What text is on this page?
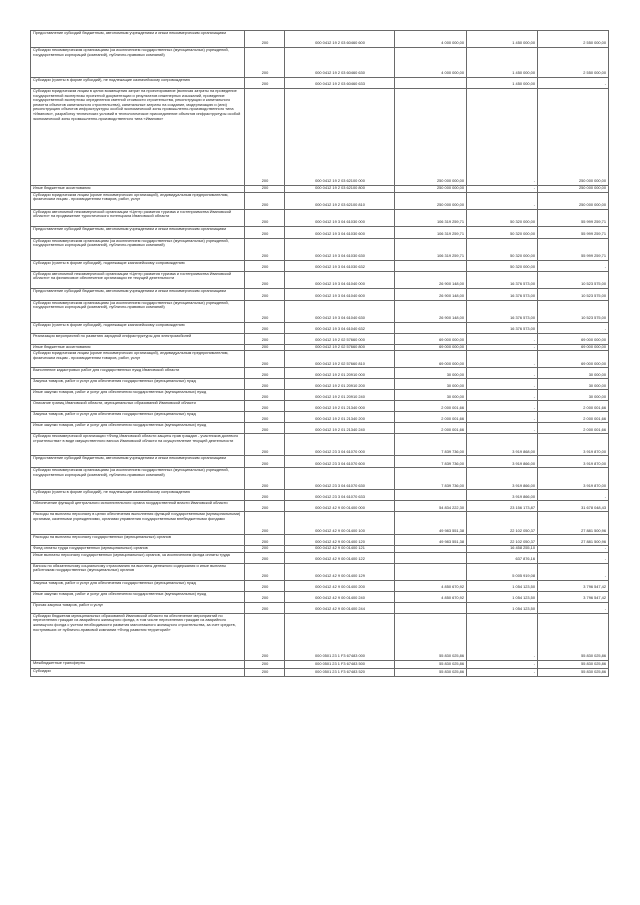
Предоставление субсидий бюджетным, автономным учреждениям и иным некоммерческим организациям	200	000 0412 19 2 03 60460 600	4 000 000,00	1 450 000,00	2 550 000,00
Субсидии некоммерческим организациям (за исключением государственных (муниципальных) учреждений, государственных корпораций (компаний), публично-правовых компаний)	200	000 0412 19 2 03 60460 630	4 000 000,00	1 450 000,00	2 550 000,00
Субсидии (гранты в форме субсидий), не подлежащие казначейскому сопровождению	200	000 0412 19 2 03 60460 633		1 450 000,00	-
Субсидии юридическим лицам в целях возмещения затрат на проектирование (включая затраты на проведение государственной экспертизы проектной документации и результатов инженерных изысканий, проведение государственной экспертизы определения сметной стоимости строительства, реконструкции и капитального ремонта объектов капитального строительства), капитальные затраты на создание, модернизацию и (или) реконструкцию объектов инфраструктуры особой экономической зоны промышленно-производственного типа «Иваново», разработку технических условий в технологическое присоединение объектов инфраструктуры особой экономической зоны промышленно-производственного типа «Иваново»	200	000 0412 19 2 03 62100 000	250 000 000,00	-	250 000 000,00
Иные бюджетные ассигнования	200	000 0412 19 2 03 62100 800	250 000 000,00	-	250 000 000,00
Субсидии юридическим лицам (кроме некоммерческих организаций), индивидуальным предпринимателям, физическим лицам - производителям товаров, работ, услуг	200	000 0412 19 2 03 62100 810	250 000 000,00	-	250 000 000,00
Субсидия автономной некоммерческой организации «Центр развития туризма и гостеприимства Ивановской области» на продвижение туристического потенциала Ивановской области	200	000 0412 19 3 04 61030 000	106 319 259,71	50 320 000,00	55 999 259,71
Предоставление субсидий бюджетным, автономным учреждениям и иным некоммерческим организациям	200	000 0412 19 3 04 61030 600	106 319 259,71	50 320 000,00	55 999 259,71
Субсидии некоммерческим организациям (за исключением государственных (муниципальных) учреждений, государственных корпораций (компаний), публично-правовых компаний)	200	000 0412 19 3 04 61030 630	106 319 259,71	50 320 000,00	55 999 259,71
Субсидии (гранты в форме субсидий), подлежащие казначейскому сопровождению	200	000 0412 19 3 04 61030 632		50 320 000,00	-
Субсидия автономной некоммерческой организации «Центр развития туризма и гостеприимства Ивановской области» на финансовое обеспечение организации ее текущей деятельности	200	000 0412 19 3 04 61040 000	26 900 148,00	16 376 573,00	10 523 575,00
Предоставление субсидий бюджетным, автономным учреждениям и иным некоммерческим организациям	200	000 0412 19 3 04 61040 600	26 900 148,00	16 376 573,00	10 523 575,00
Субсидии некоммерческим организациям (за исключением государственных (муниципальных) учреждений, государственных корпораций (компаний), публично-правовых компаний)	200	000 0412 19 3 04 61040 630	26 900 148,00	16 376 573,00	10 523 575,00
Субсидии (гранты в форме субсидий), подлежащие казначейскому сопровождению	200	000 0412 19 3 04 61040 632		16 376 573,00	-
Реализация мероприятий по развитию зарядной инфраструктуры для электромобилей	200	000 0412 19 2 02 57660 000	69 000 000,00	-	69 000 000,00
Иные бюджетные ассигнования	200	000 0412 19 2 02 57660 800	69 000 000,00	-	69 000 000,00
Субсидии юридическим лицам (кроме некоммерческих организаций), индивидуальным предпринимателям, физическим лицам - производителям товаров, работ, услуг	200	000 0412 19 2 02 57660 810	69 000 000,00	-	69 000 000,00
Выполнение кадастровых работ для государственных нужд Ивановской области	200	000 0412 19 2 01 20910 000	30 000,00	-	30 000,00
Закупка товаров, работ и услуг для обеспечения государственных (муниципальных) нужд	200	000 0412 19 2 01 20910 200	30 000,00	-	30 000,00
Иные закупки товаров, работ и услуг для обеспечения государственных (муниципальных) нужд	200	000 0412 19 2 01 20910 240	30 000,00	-	30 000,00
Описание границ Ивановской области, муниципальных образований Ивановской области	200	000 0412 19 2 01 21340 000	2 000 001,66	-	2 000 001,66
Закупка товаров, работ и услуг для обеспечения государственных (муниципальных) нужд	200	000 0412 19 2 01 21340 200	2 000 001,66	-	2 000 001,66
Иные закупки товаров, работ и услуг для обеспечения государственных (муниципальных) нужд	200	000 0412 19 2 01 21340 240	2 000 001,66	-	2 000 001,66
Субсидия некоммерческой организации «Фонд Ивановской области защиты прав граждан - участников долевого строительства» в виде имущественного взноса Ивановской области на осуществление текущей деятельности	200	000 0412 23 3 04 61070 000	7 839 736,00	3 919 868,00	3 919 870,00
Предоставление субсидий бюджетным, автономным учреждениям и иным некоммерческим организациям	200	000 0412 23 3 04 61070 600	7 839 736,00	3 919 866,00	3 919 870,00
Субсидии некоммерческим организациям (за исключением государственных (муниципальных) учреждений, государственных корпораций (компаний), публично-правовых компаний)	200	000 0412 23 3 04 61070 630	7 839 736,00	3 919 866,00	3 919 870,00
Субсидии (гранты в форме субсидий), не подлежащие казначейскому сопровождению	200	000 0412 23 3 04 61070 633		3 919 866,00	-
Обеспечение функций центрального исполнительного органа государственной власти Ивановской области	200	000 0412 42 9 00 01400 000	54 834 222,30	23 156 173,87	31 678 048,43
Расходы на выплаты персоналу в целях обеспечения выполнения функций государственными (муниципальными) органами, казенными учреждениями, органами управления государственными внебюджетными фондами	200	000 0412 42 9 00 01400 100	49 983 551,38	22 102 050,37	27 881 500,96
Расходы на выплаты персоналу государственных (муниципальных) органов	200	000 0412 42 9 00 01400 120	49 983 551,38	22 102 050,37	27 881 500,96
Фонд оплаты труда государственных (муниципальных) органов	200	000 0412 42 9 00 01400 121		16 458 255,10	-
Иные выплаты персоналу государственных (муниципальных) органов, за исключением фонда оплаты труда	200	000 0412 42 9 00 01400 122		637 876,16	-
Взносы по обязательному социальному страхованию на выплаты денежного содержания и иные выплаты работникам государственных (муниципальных) органов	200	000 0412 42 9 00 01400 129		5 005 919,08	-
Закупка товаров, работ и услуг для обеспечения государственных (муниципальных) нужд	200	000 0412 42 9 00 01400 200	4 850 670,92	1 054 123,50	3 796 547,42
Иные закупки товаров, работ и услуг для обеспечения государственных (муниципальных) нужд	200	000 0412 42 9 00 01400 240	4 850 670,92	1 054 123,50	3 796 547,42
Прочая закупка товаров, работ и услуг	200	000 0412 42 9 00 01400 244		1 054 123,50	-
Субсидии бюджетам муниципальных образований Ивановской области на обеспечение мероприятий по переселению граждан из аварийного жилищного фонда, в том числе переселению граждан из аварийного жилищного фонда с учетом необходимости развития малоэтажного жилищного строительства, за счет средств, поступивших от публично-правовой компании «Фонд развития территорий»	200	000 0501 23 1 F3 67483 000	55 830 025,86	-	55 830 025,86
Межбюджетные трансферты	200	000 0501 23 1 F3 67483 500	55 830 025,86	-	55 830 025,86
Субсидии	200	000 0501 23 1 F3 67483 520	55 830 025,86	-	55 830 025,86
